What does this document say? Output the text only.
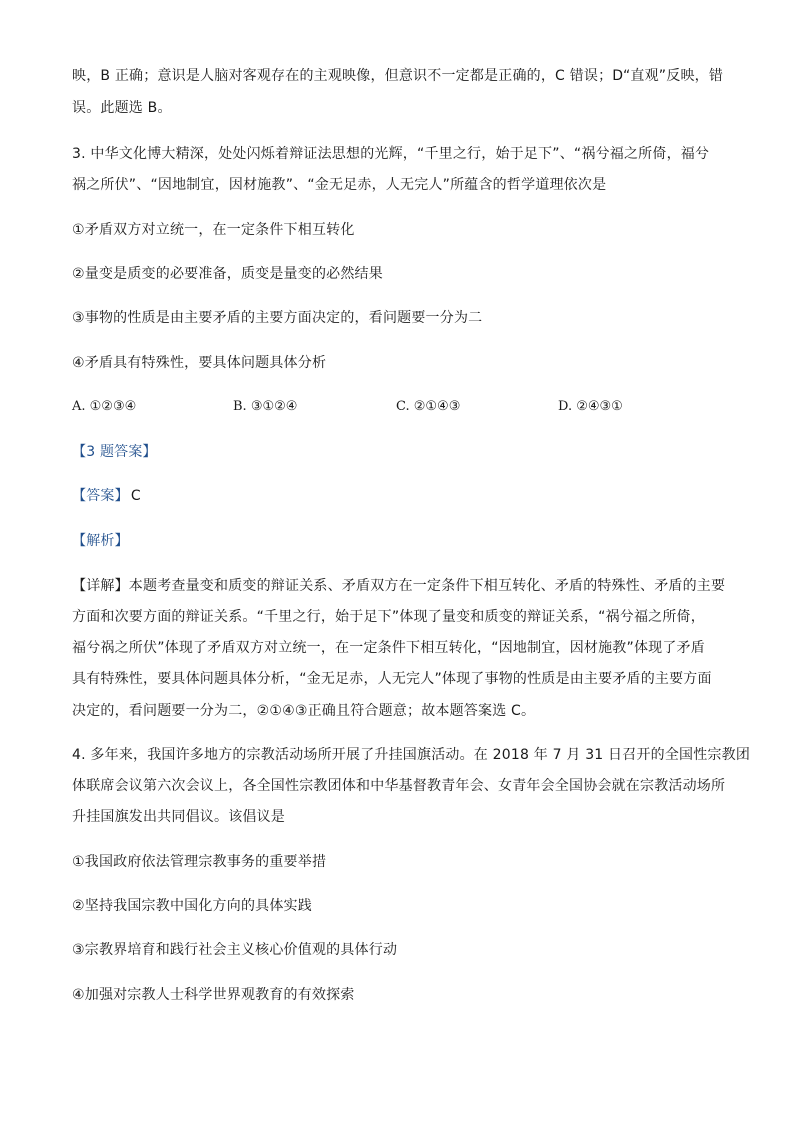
映，B 正确；意识是人脑对客观存在的主观映像，但意识不一定都是正确的，C 错误；D“直观”反映，错
误。此题选 B。
3. 中华文化博大精深，处处闪烁着辩证法思想的光辉，“千里之行，始于足下”、“祸兮福之所倚，福兮
祸之所伏”、“因地制宜，因材施教”、“金无足赤，人无完人”所蕴含的哲学道理依次是
①矛盾双方对立统一，在一定条件下相互转化
②量变是质变的必要准备，质变是量变的必然结果
③事物的性质是由主要矛盾的主要方面决定的，看问题要一分为二
④矛盾具有特殊性，要具体问题具体分析
A. ①②③④	B. ③①②④	C. ②①④③	D. ②④③①
【3 题答案】
【答案】 C
【解析】
【详解】本题考查量变和质变的辩证关系、矛盾双方在一定条件下相互转化、矛盾的特殊性、矛盾的主要
方面和次要方面的辩证关系。“千里之行，始于足下”体现了量变和质变的辩证关系，“祸兮福之所倚，
福兮祸之所伏”体现了矛盾双方对立统一，在一定条件下相互转化，“因地制宜，因材施教”体现了矛盾
具有特殊性，要具体问题具体分析，“金无足赤，人无完人”体现了事物的性质是由主要矛盾的主要方面
决定的，看问题要一分为二，②①④③正确且符合题意；故本题答案选 C。
4. 多年来，我国许多地方的宗教活动场所开展了升挂国旗活动。在 2018 年 7 月 31 日召开的全国性宗教团
体联席会议第六次会议上，各全国性宗教团体和中华基督教青年会、女青年会全国协会就在宗教活动场所
升挂国旗发出共同倡议。该倡议是
①我国政府依法管理宗教事务的重要举措
②坚持我国宗教中国化方向的具体实践
③宗教界培育和践行社会主义核心价值观的具体行动
④加强对宗教人士科学世界观教育的有效探索
